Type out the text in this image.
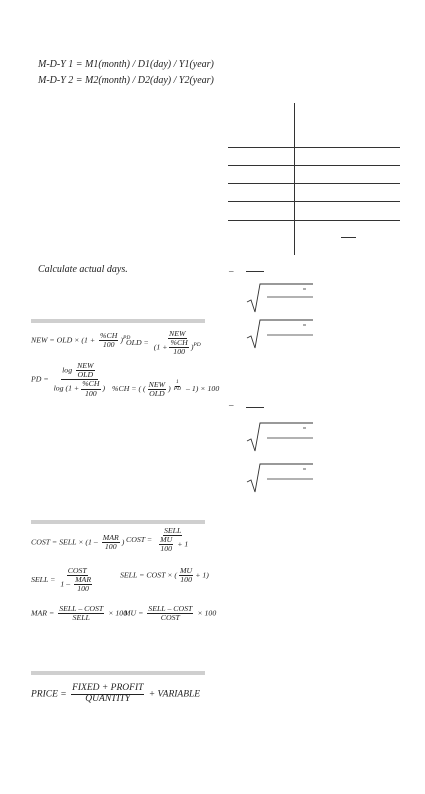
M-D-Y 1 = M1(month) / D1(day) / Y1(year)
M-D-Y 2 = M2(month) / D2(day) / Y2(year)
Calculate actual days.	–
–
NEW = OLD × $(1 + \frac{\%CH}{100} )^{PD}$
OLD = $\frac{\text{NEW}}{(1 + \frac{\%CH}{100} )^{PD}}$
PD = $\frac{\log \frac{\text{NEW}}{\text{OLD}}}{\log (1 + \frac{\%CH}{100} )} \%CH$ = ( ( $\frac{\text{NEW}}{\text{OLD}}$ ) $^{\frac{1}{PD}}$ – 1) × 100
COST = SELL × ($1 - \frac{\text{MAR}}{100}$ ) COST = $\frac{\text{SELL}}{\frac{MU}{100} + 1}$
SELL = $\frac{\text{COST}}{1 - \frac{\text{MAR}}{100}}$	SELL = COST × ( $\frac{MU}{100} + 1$)
MAR = $\frac{\text{SELL – COST}}{\text{SELL}} \times 100$
MU = $\frac{\text{SELL – COST}}{\text{COST}} \times 100$
PRICE = $\frac{\text{FIXED + PROFIT}}{\text{QUANTITY}}$ + VARIABLE
